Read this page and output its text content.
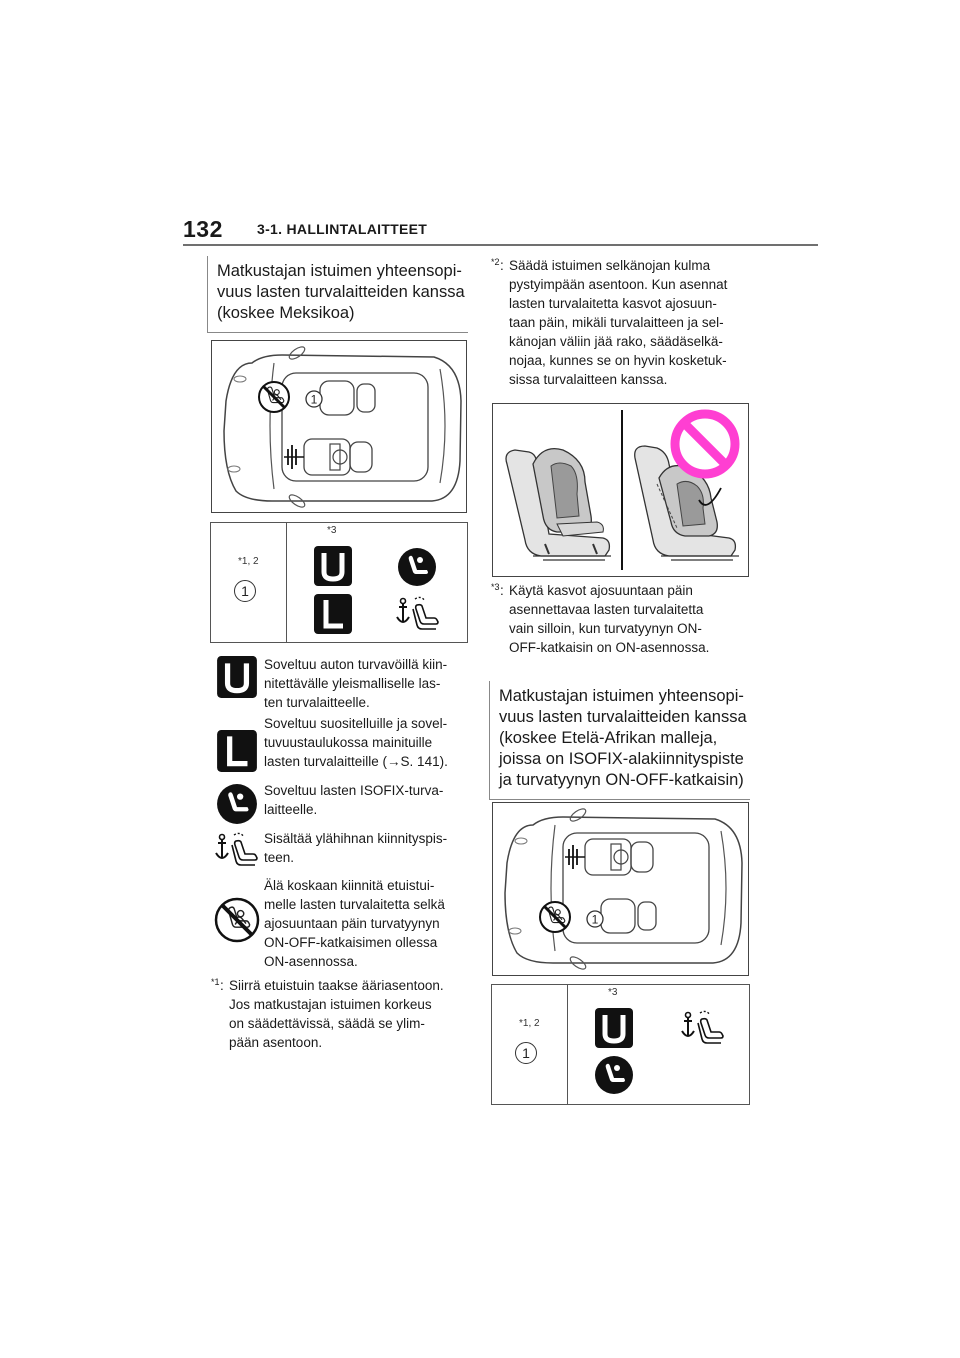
132 3-1. HALLINTALAITTEET
Matkustajan istuimen yhteensopi-
vuus lasten turvalaitteiden kanssa
(koskee Meksikoa)
1
*1, 2
1
*3
Soveltuu auton turvavöillä kiin-
nitettävälle yleismalliselle las-
ten turvalaitteelle.
Soveltuu suositelluille ja sovel-
tuvuustaulukossa mainituille
lasten turvalaitteille (→S. 141).
Soveltuu lasten ISOFIX-turva-
laitteelle.
Sisältää ylähihnan kiinnityspis-
teen.
Älä koskaan kiinnitä etuistui-
melle lasten turvalaitetta selkä
ajosuuntaan päin turvatyynyn
ON-OFF-katkaisimen ollessa
ON-asennossa.
*1 : Siirrä etuistuin taakse ääriasentoon.
Jos matkustajan istuimen korkeus
on säädettävissä, säädä se ylim-
pään asentoon.
*2 : Säädä istuimen selkänojan kulma
pystyimpään asentoon. Kun asennat
lasten turvalaitetta kasvot ajosuun-
taan päin, mikäli turvalaitteen ja sel-
känojan väliin jää rako, säädäselkä-
nojaa, kunnes se on hyvin kosketuk-
sissa turvalaitteen kanssa.
*3 : Käytä kasvot ajosuuntaan päin
asennettavaa lasten turvalaitetta
vain silloin, kun turvatyynyn ON-
OFF-katkaisin on ON-asennossa.
Matkustajan istuimen yhteensopi-
vuus lasten turvalaitteiden kanssa
(koskee Etelä-Afrikan malleja,
joissa on ISOFIX-alakiinnityspiste
ja turvatyynyn ON-OFF-katkaisin)
1
*1, 2
1
*3
